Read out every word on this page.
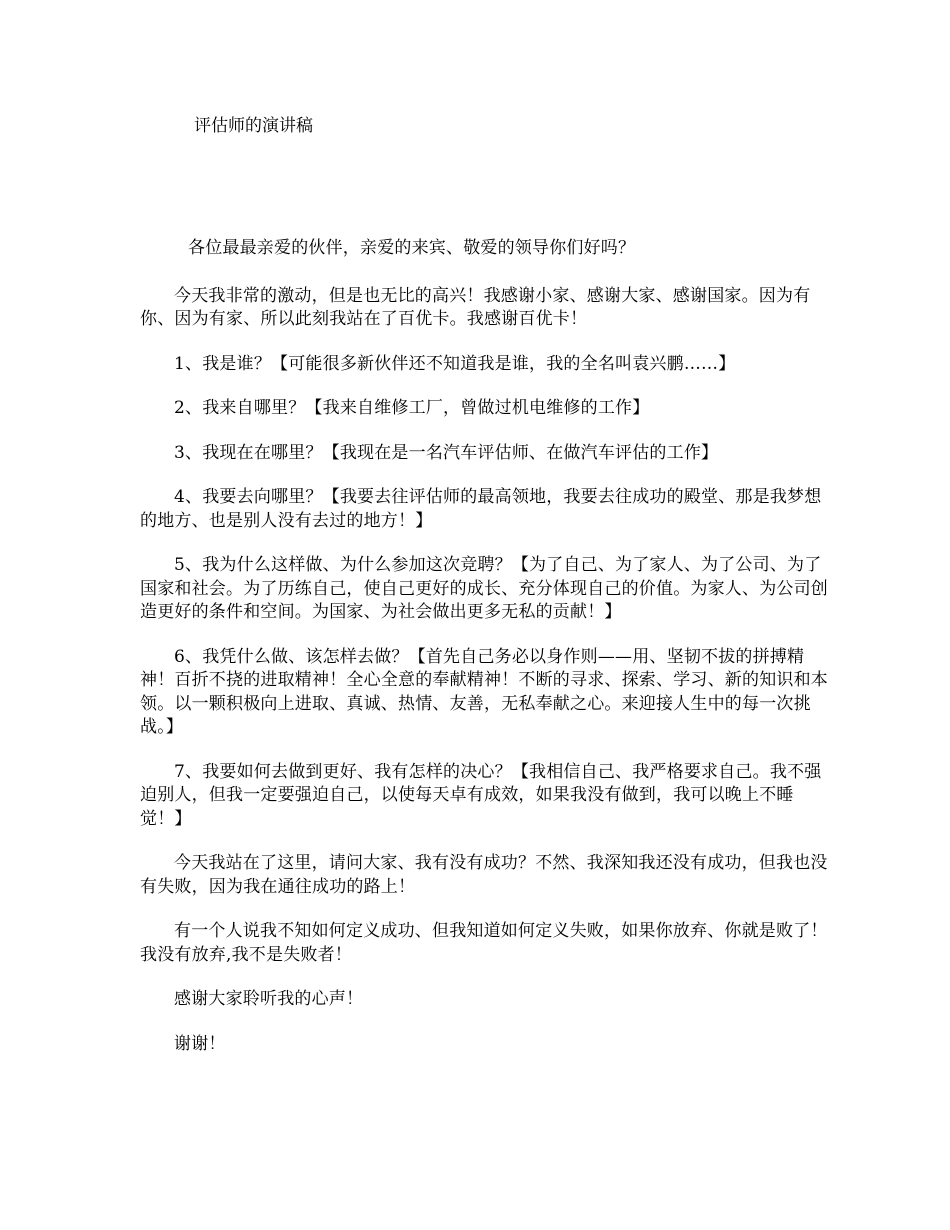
评估师的演讲稿

各位最最亲爱的伙伴，亲爱的来宾、敬爱的领导你们好吗？

今天我非常的激动，但是也无比的高兴！我感谢小家、感谢大家、感谢国家。因为有你、因为有家、所以此刻我站在了百优卡。我感谢百优卡！

1、我是谁？【可能很多新伙伴还不知道我是谁，我的全名叫袁兴鹏……】

2、我来自哪里？【我来自维修工厂，曾做过机电维修的工作】

3、我现在在哪里？【我现在是一名汽车评估师、在做汽车评估的工作】

4、我要去向哪里？【我要去往评估师的最高领地，我要去往成功的殿堂、那是我梦想的地方、也是别人没有去过的地方！】

5、我为什么这样做、为什么参加这次竞聘？【为了自己、为了家人、为了公司、为了国家和社会。为了历练自己，使自己更好的成长、充分体现自己的价值。为家人、为公司创造更好的条件和空间。为国家、为社会做出更多无私的贡献！】

6、我凭什么做、该怎样去做？【首先自己务必以身作则——用、坚韧不拔的拼搏精神！百折不挠的进取精神！全心全意的奉献精神！不断的寻求、探索、学习、新的知识和本领。以一颗积极向上进取、真诚、热情、友善，无私奉献之心。来迎接人生中的每一次挑战。】

7、我要如何去做到更好、我有怎样的决心？【我相信自己、我严格要求自己。我不强迫别人，但我一定要强迫自己，以使每天卓有成效，如果我没有做到，我可以晚上不睡觉！】

今天我站在了这里，请问大家、我有没有成功？不然、我深知我还没有成功，但我也没有失败，因为我在通往成功的路上！

有一个人说我不知如何定义成功、但我知道如何定义失败，如果你放弃、你就是败了！我没有放弃,我不是失败者！

感谢大家聆听我的心声！

谢谢！
